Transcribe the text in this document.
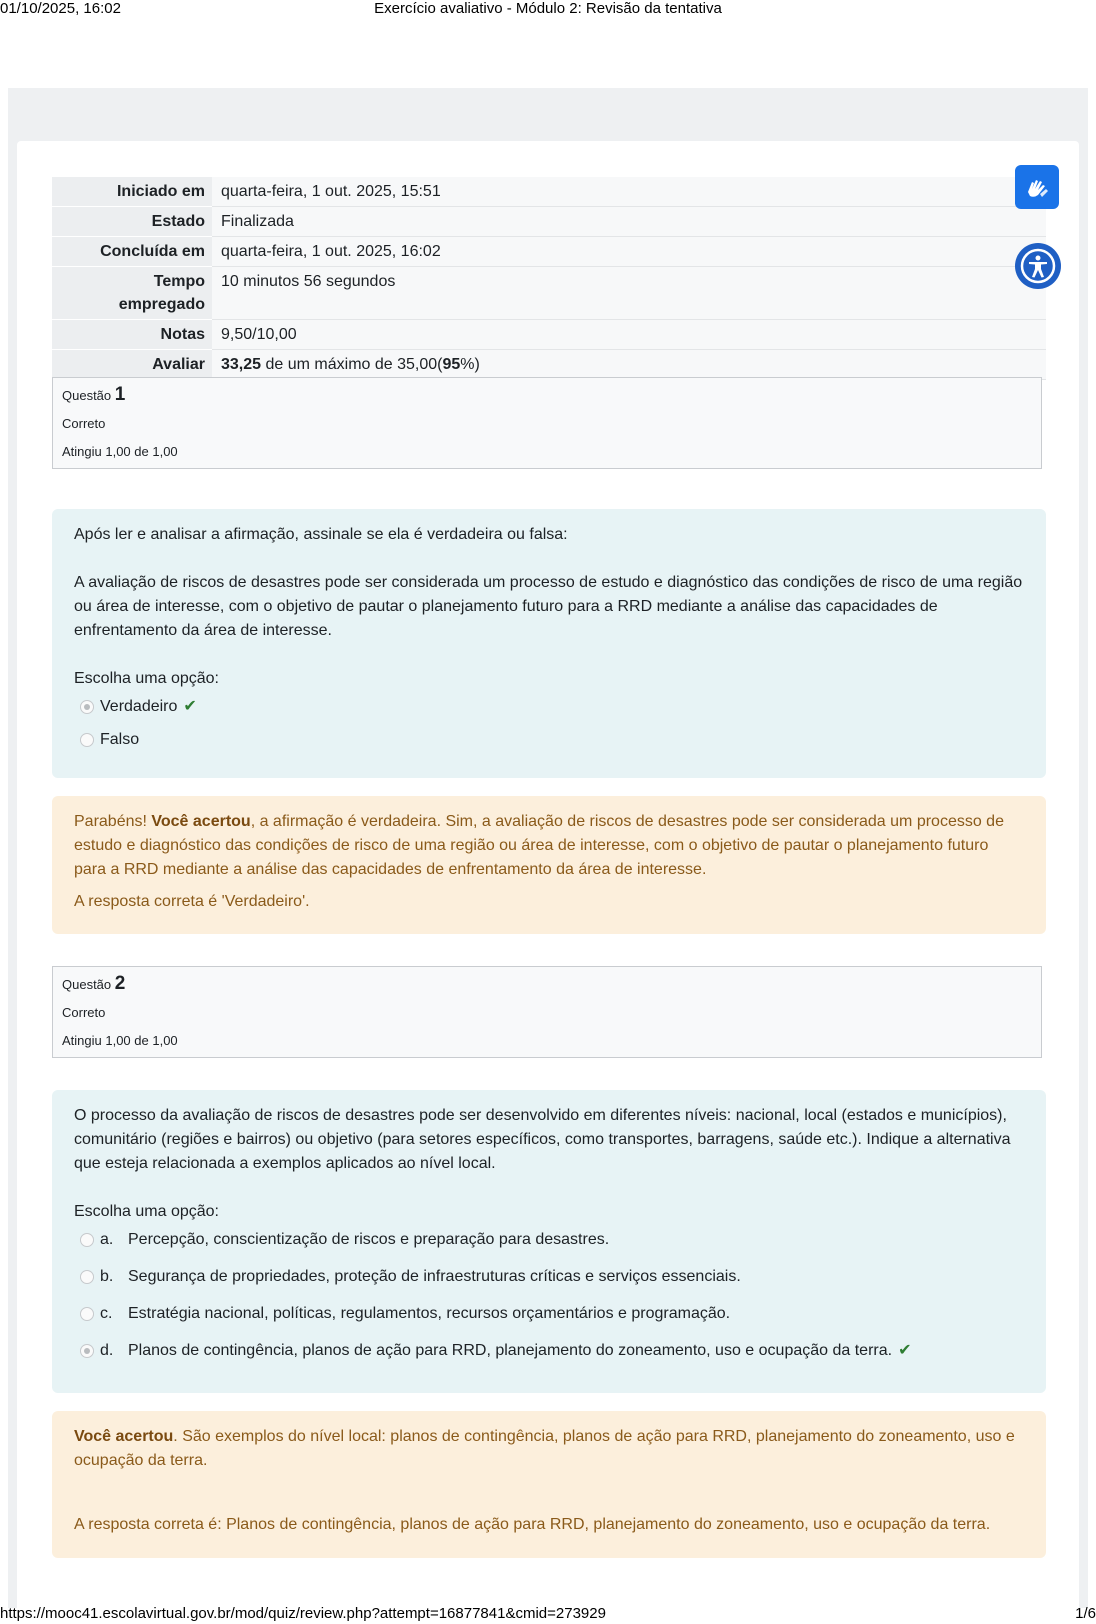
01/10/2025, 16:02	Exercício avaliativo - Módulo 2: Revisão da tentativa
Iniciado em	quarta-feira, 1 out. 2025, 15:51
Estado	Finalizada
Concluída em	quarta-feira, 1 out. 2025, 16:02
Tempo
empregado	10 minutos 56 segundos
Notas	9,50/10,00
Avaliar	33,25 de um máximo de 35,00(95%)
Questão 1
Correto
Atingiu 1,00 de 1,00

Após ler e analisar a afirmação, assinale se ela é verdadeira ou falsa:

A avaliação de riscos de desastres pode ser considerada um processo de estudo e diagnóstico das condições de risco de uma região ou área de interesse, com o objetivo de pautar o planejamento futuro para a RRD mediante a análise das capacidades de enfrentamento da área de interesse.

Escolha uma opção:

Verdadeiro ✔
Falso

Parabéns! Você acertou, a afirmação é verdadeira. Sim, a avaliação de riscos de desastres pode ser considerada um processo de estudo e diagnóstico das condições de risco de uma região ou área de interesse, com o objetivo de pautar o planejamento futuro para a RRD mediante a análise das capacidades de enfrentamento da área de interesse.

A resposta correta é 'Verdadeiro'.

Questão 2
Correto
Atingiu 1,00 de 1,00

O processo da avaliação de riscos de desastres pode ser desenvolvido em diferentes níveis: nacional, local (estados e municípios), comunitário (regiões e bairros) ou objetivo (para setores específicos, como transportes, barragens, saúde etc.). Indique a alternativa que esteja relacionada a exemplos aplicados ao nível local.

Escolha uma opção:

a. Percepção, conscientização de riscos e preparação para desastres.
b. Segurança de propriedades, proteção de infraestruturas críticas e serviços essenciais.
c. Estratégia nacional, políticas, regulamentos, recursos orçamentários e programação.
d. Planos de contingência, planos de ação para RRD, planejamento do zoneamento, uso e ocupação da terra. ✔

Você acertou. São exemplos do nível local: planos de contingência, planos de ação para RRD, planejamento do zoneamento, uso e ocupação da terra.

A resposta correta é: Planos de contingência, planos de ação para RRD, planejamento do zoneamento, uso e ocupação da terra.

https://mooc41.escolavirtual.gov.br/mod/quiz/review.php?attempt=16877841&cmid=273929	1/6
